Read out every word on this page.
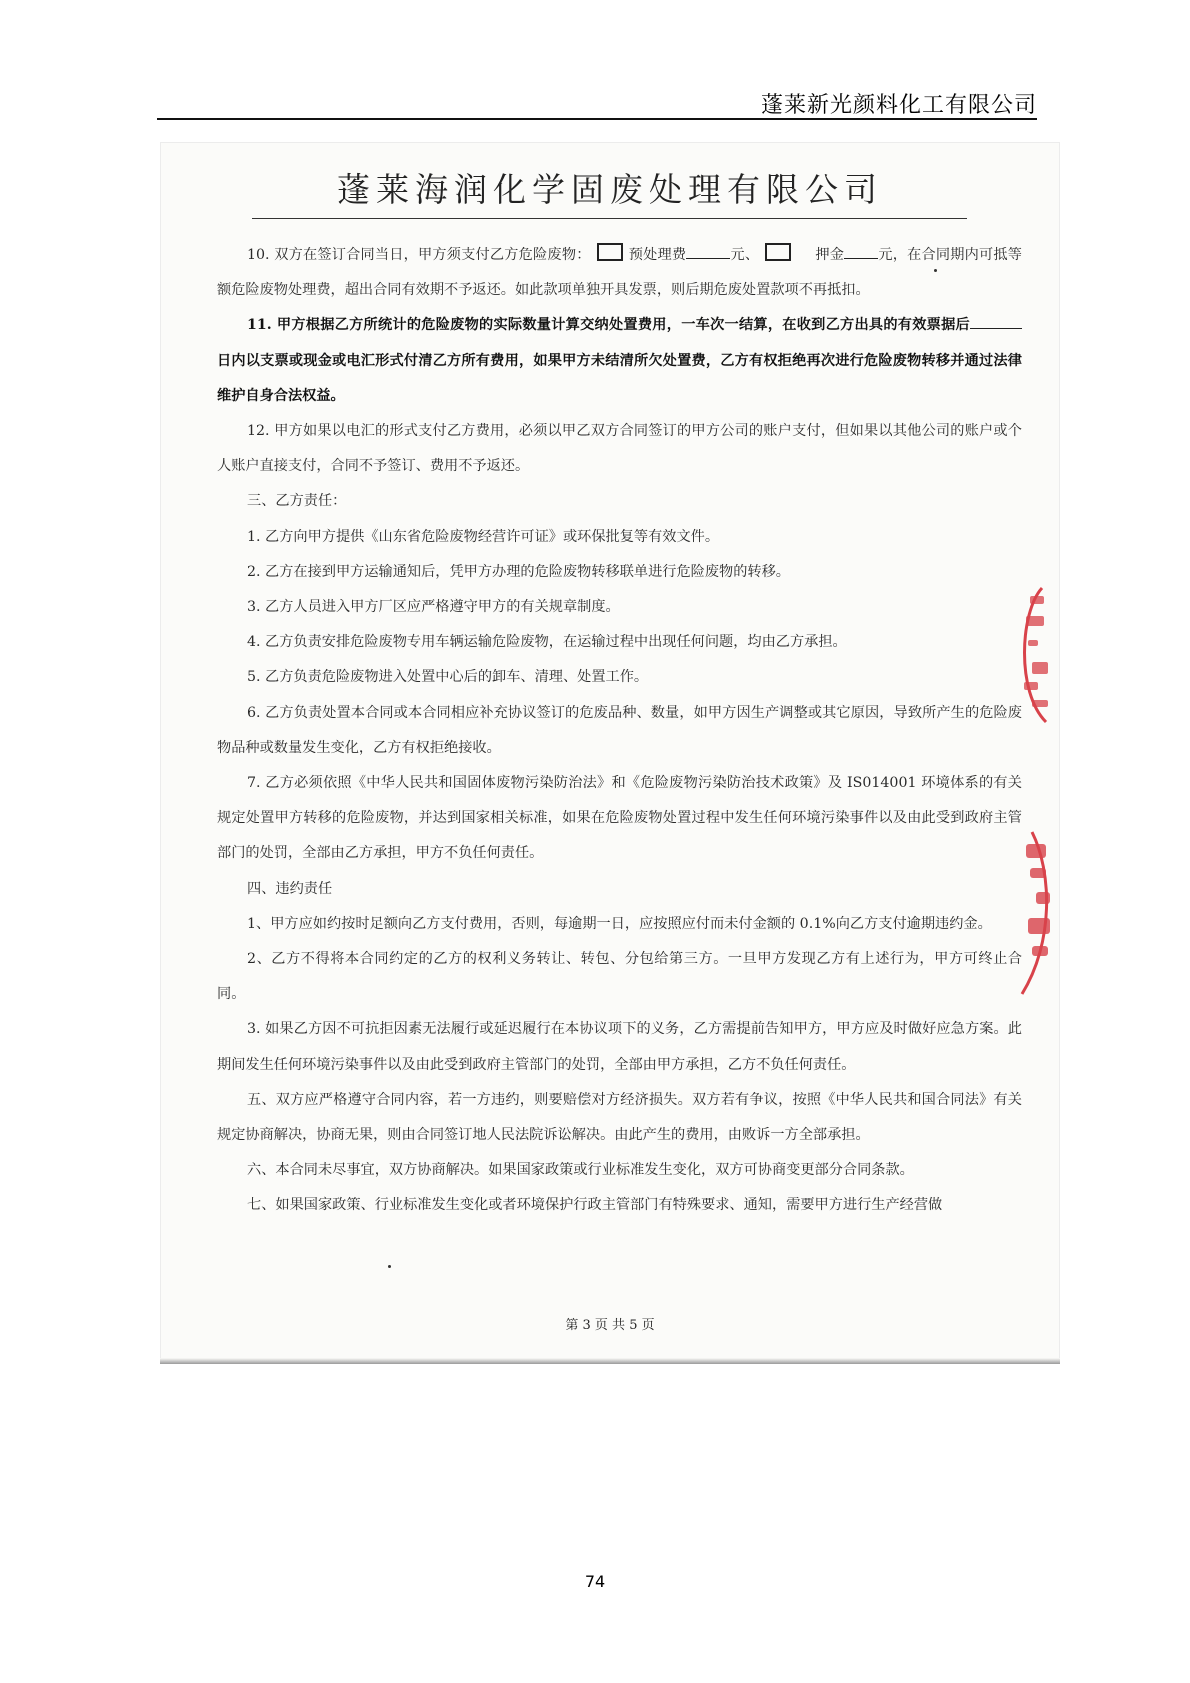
蓬莱新光颜料化工有限公司
蓬莱海润化学固废处理有限公司

10. 双方在签订合同当日，甲方须支付乙方危险废物：	预处理费	元、	押金 元，在合同期内可抵等额危险废物处理费，超出合同有效期不予返还。如此款项单独开具发票，则后期危废处置款项不再抵扣。

11. 甲方根据乙方所统计的危险废物的实际数量计算交纳处置费用，一车次一结算，在收到乙方出具的有效票据后日内以支票或现金或电汇形式付清乙方所有费用，如果甲方未结清所欠处置费，乙方有权拒绝再次进行危险废物转移并通过法律维护自身合法权益。

12. 甲方如果以电汇的形式支付乙方费用，必须以甲乙双方合同签订的甲方公司的账户支付，但如果以其他公司的账户或个人账户直接支付，合同不予签订、费用不予返还。

三、乙方责任：

1. 乙方向甲方提供《山东省危险废物经营许可证》或环保批复等有效文件。

2. 乙方在接到甲方运输通知后，凭甲方办理的危险废物转移联单进行危险废物的转移。

3. 乙方人员进入甲方厂区应严格遵守甲方的有关规章制度。

4. 乙方负责安排危险废物专用车辆运输危险废物，在运输过程中出现任何问题，均由乙方承担。

5. 乙方负责危险废物进入处置中心后的卸车、清理、处置工作。

6. 乙方负责处置本合同或本合同相应补充协议签订的危废品种、数量，如甲方因生产调整或其它原因，导致所产生的危险废物品种或数量发生变化，乙方有权拒绝接收。

7. 乙方必须依照《中华人民共和国固体废物污染防治法》和《危险废物污染防治技术政策》及 IS014001 环境体系的有关规定处置甲方转移的危险废物，并达到国家相关标准，如果在危险废物处置过程中发生任何环境污染事件以及由此受到政府主管部门的处罚，全部由乙方承担，甲方不负任何责任。

四、违约责任

1、甲方应如约按时足额向乙方支付费用，否则，每逾期一日，应按照应付而未付金额的 0.1%向乙方支付逾期违约金。

2、乙方不得将本合同约定的乙方的权利义务转让、转包、分包给第三方。一旦甲方发现乙方有上述行为，甲方可终止合同。

3. 如果乙方因不可抗拒因素无法履行或延迟履行在本协议项下的义务，乙方需提前告知甲方，甲方应及时做好应急方案。此期间发生任何环境污染事件以及由此受到政府主管部门的处罚，全部由甲方承担，乙方不负任何责任。

五、双方应严格遵守合同内容，若一方违约，则要赔偿对方经济损失。双方若有争议，按照《中华人民共和国合同法》有关规定协商解决，协商无果，则由合同签订地人民法院诉讼解决。由此产生的费用，由败诉一方全部承担。

六、本合同未尽事宜，双方协商解决。如果国家政策或行业标准发生变化，双方可协商变更部分合同条款。

七、如果国家政策、行业标准发生变化或者环境保护行政主管部门有特殊要求、通知，需要甲方进行生产经营做

第 3 页 共 5 页
74
